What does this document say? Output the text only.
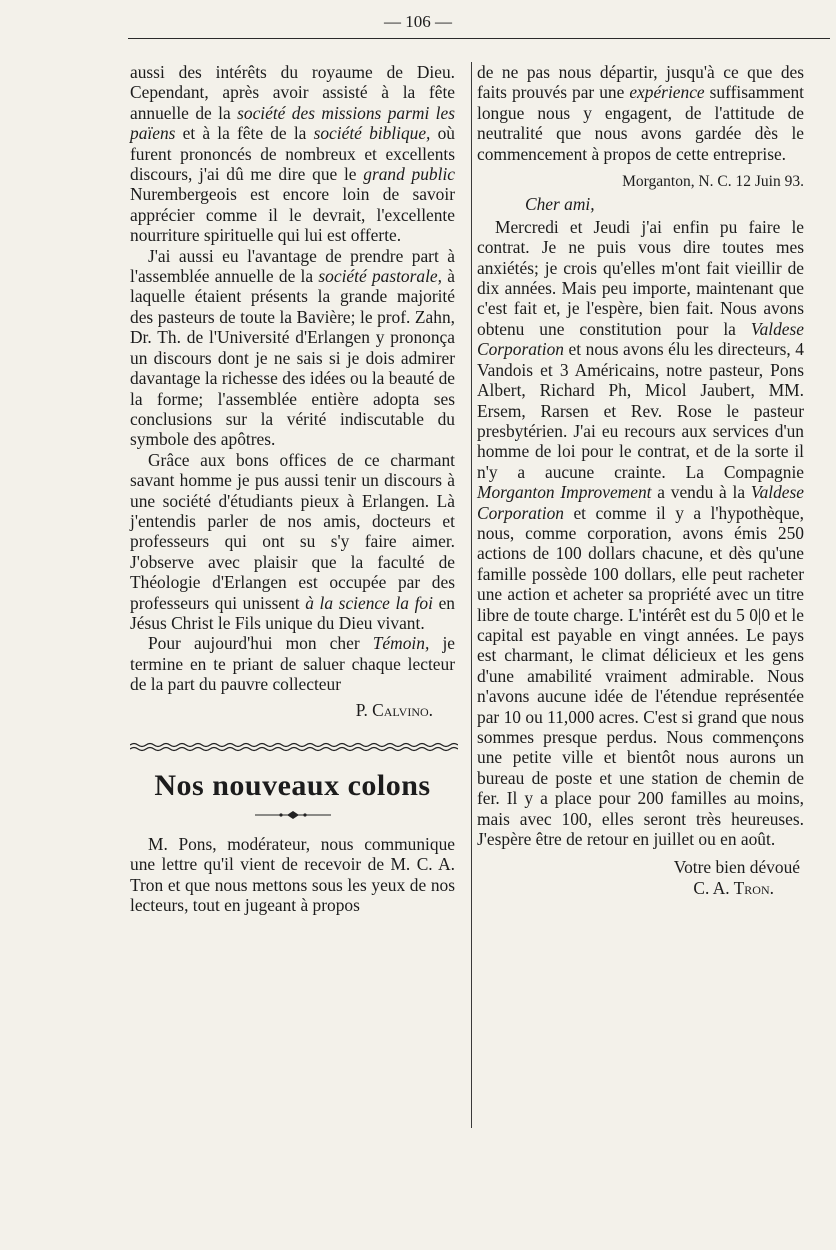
— 106 —

aussi des intérêts du royaume de Dieu. Cependant, après avoir assisté à la fête annuelle de la société des missions parmi les païens et à la fête de la société biblique, où furent prononcés de nombreux et excellents discours, j'ai dû me dire que le grand public Nurembergeois est encore loin de savoir apprécier comme il le devrait, l'excellente nourriture spirituelle qui lui est offerte.

J'ai aussi eu l'avantage de prendre part à l'assemblée annuelle de la société pastorale, à laquelle étaient présents la grande majorité des pasteurs de toute la Bavière; le prof. Zahn, Dr. Th. de l'Université d'Erlangen y prononça un discours dont je ne sais si je dois admirer davantage la richesse des idées ou la beauté de la forme; l'assemblée entière adopta ses conclusions sur la vérité indiscutable du symbole des apôtres.

Grâce aux bons offices de ce charmant savant homme je pus aussi tenir un discours à une société d'étudiants pieux à Erlangen. Là j'entendis parler de nos amis, docteurs et professeurs qui ont su s'y faire aimer. J'observe avec plaisir que la faculté de Théologie d'Erlangen est occupée par des professeurs qui unissent à la science la foi en Jésus Christ le Fils unique du Dieu vivant.

Pour aujourd'hui mon cher Témoin, je termine en te priant de saluer chaque lecteur de la part du pauvre collecteur

P. Calvino.
Nos nouveaux colons

M. Pons, modérateur, nous communique une lettre qu'il vient de recevoir de M. C. A. Tron et que nous mettons sous les yeux de nos lecteurs, tout en jugeant à propos

de ne pas nous départir, jusqu'à ce que des faits prouvés par une expérience suffisamment longue nous y engagent, de l'attitude de neutralité que nous avons gardée dès le commencement à propos de cette entreprise.

Morganton, N. C. 12 Juin 93.
Cher ami,

Mercredi et Jeudi j'ai enfin pu faire le contrat. Je ne puis vous dire toutes mes anxiétés; je crois qu'elles m'ont fait vieillir de dix années. Mais peu importe, maintenant que c'est fait et, je l'espère, bien fait. Nous avons obtenu une constitution pour la Valdese Corporation et nous avons élu les directeurs, 4 Vandois et 3 Américains, notre pasteur, Pons Albert, Richard Ph, Micol Jaubert, MM. Ersem, Rarsen et Rev. Rose le pasteur presbytérien. J'ai eu recours aux services d'un homme de loi pour le contrat, et de la sorte il n'y a aucune crainte. La Compagnie Morganton Improvement a vendu à la Valdese Corporation et comme il y a l'hypothèque, nous, comme corporation, avons émis 250 actions de 100 dollars chacune, et dès qu'une famille possède 100 dollars, elle peut racheter une action et acheter sa propriété avec un titre libre de toute charge. L'intérêt est du 5 0|0 et le capital est payable en vingt années. Le pays est charmant, le climat délicieux et les gens d'une amabilité vraiment admirable. Nous n'avons aucune idée de l'étendue représentée par 10 ou 11,000 acres. C'est si grand que nous sommes presque perdus. Nous commençons une petite ville et bientôt nous aurons un bureau de poste et une station de chemin de fer. Il y a place pour 200 familles au moins, mais avec 100, elles seront très heureuses. J'espère être de retour en juillet ou en août.

Votre bien dévoué
C. A. Tron.
